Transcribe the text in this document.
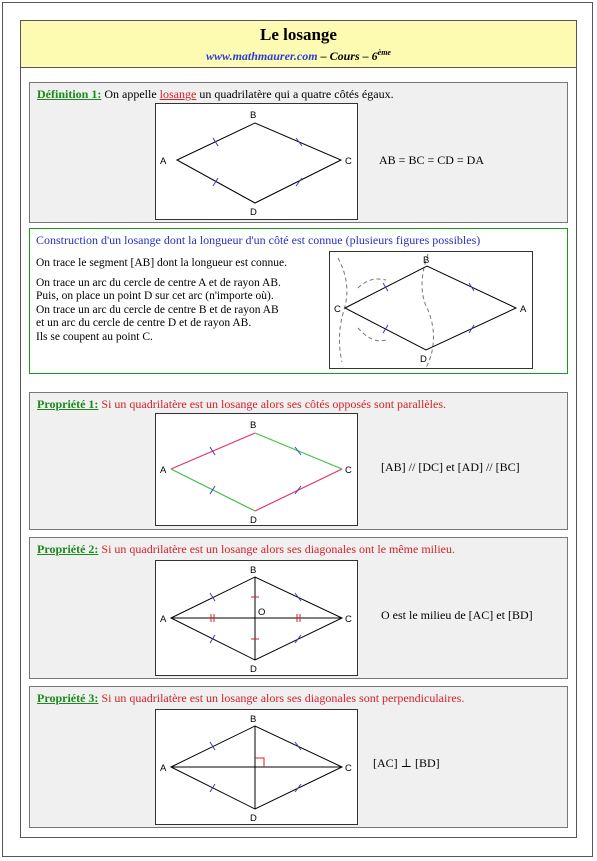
Le losange
www.mathmaurer.com – Cours – 6ème
Définition 1: On appelle losange un quadrilatère qui a quatre côtés égaux.
A
B
C
D
AB = BC = CD = DA
Construction d'un losange dont la longueur d'un côté est connue (plusieurs figures possibles)
On trace le segment [AB] dont la longueur est connue.
On trace un arc du cercle de centre A et de rayon AB.
Puis, on place un point D sur cet arc (n'importe où).
On trace un arc du cercle de centre B et de rayon AB
et un arc du cercle de centre D et de rayon AB.
Ils se coupent au point C.
C
B
A
D
Propriété 1: Si un quadrilatère est un losange alors ses côtés opposés sont parallèles.
A
B
C
D
[AB] // [DC] et [AD] // [BC]
Propriété 2: Si un quadrilatère est un losange alors ses diagonales ont le même milieu.
A
B
C
D
O	O est le milieu de [AC] et [BD]
Propriété 3: Si un quadrilatère est un losange alors ses diagonales sont perpendiculaires.
A
B
C
D
[AC] ⊥ [BD]
